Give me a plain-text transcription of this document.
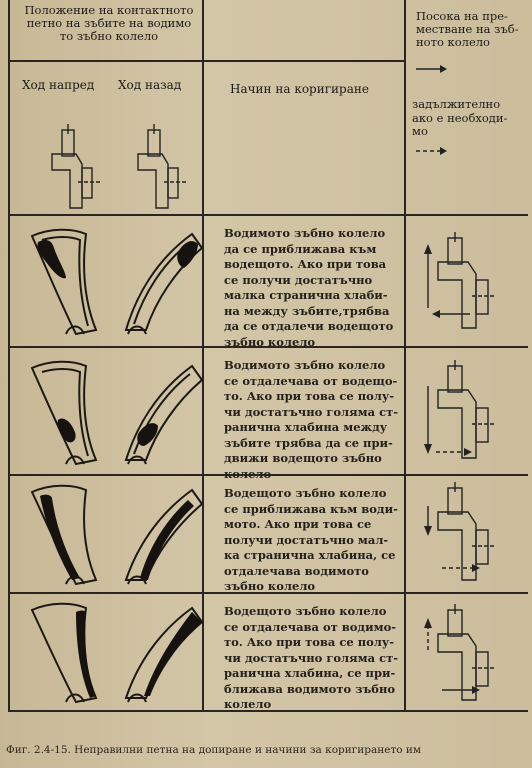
Положение на контактното
петно на зъбите на водимо
то зъбно колело
Ход напред Ход назад	Начин на коригиране
Посока на пре-
местване на зъб-
ното колело
задължително
ако е необходи-
мо
Водимото зъбно колело
да се приближава към
водещото. Ако при това
се получи достатъчно
малка странична хлаби-
на между зъбите,трябва
да се отдалечи водещото
зъбно колело
Водимото зъбно колело
се отдалечава от водещо-
то. Ако при това се полу-
чи достатъчно голяма ст-
ранична хлабина между
зъбите трябва да се при-
движи водещото зъбно
колело
Водещото зъбно колело
се приближава към води-
мото. Ако при това се
получи достатъчно мал-
ка странична хлабина, се
отдалечава водимото
зъбно колело
Водещото зъбно колело
се отдалечава от водимо-
то. Ако при това се полу-
чи достатъчно голяма ст-
ранична хлабина, се при-
ближава водимото зъбно
колело
Фиг. 2.4-15. Неправилни петна на допиране и начини за коригирането им
